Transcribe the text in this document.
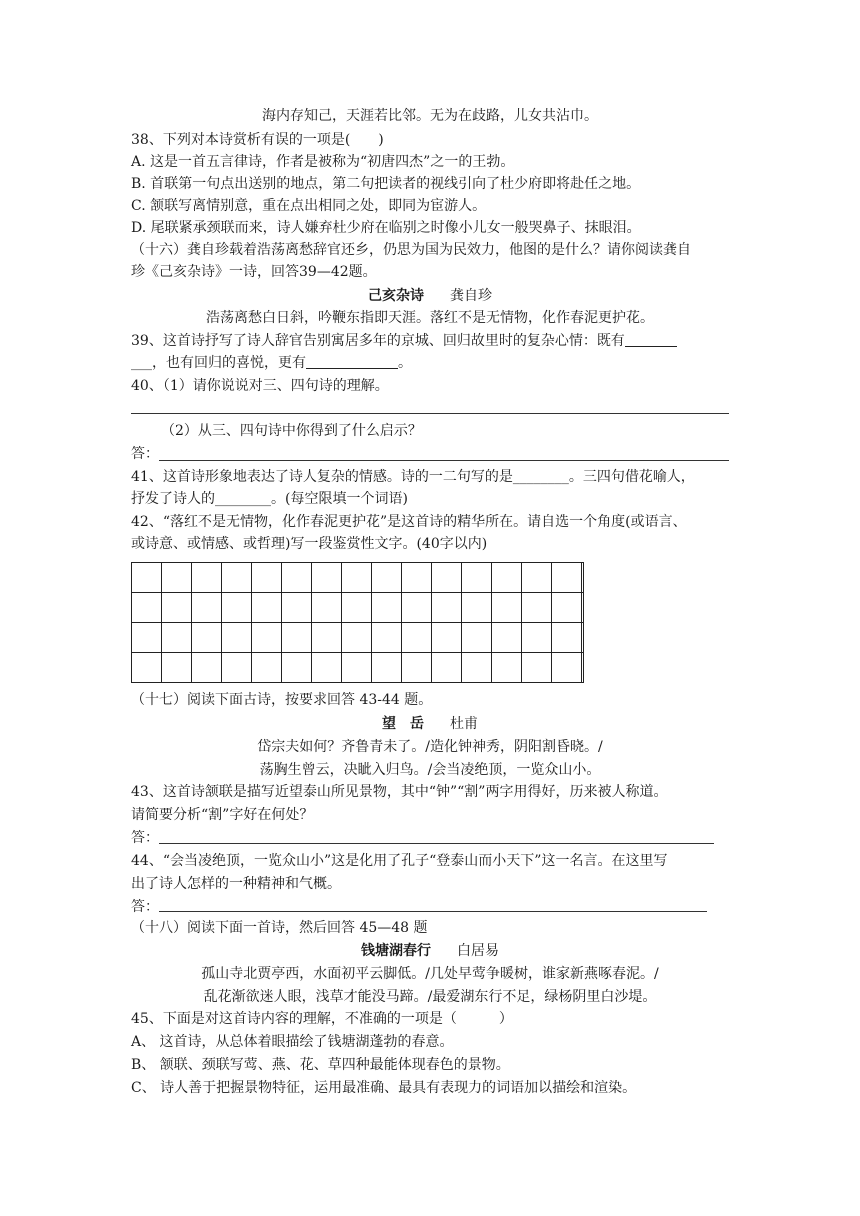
海内存知己，天涯若比邻。无为在歧路，儿女共沾巾。
38、下列对本诗赏析有误的一项是(　　)
A. 这是一首五言律诗，作者是被称为“初唐四杰”之一的王勃。
B. 首联第一句点出送别的地点，第二句把读者的视线引向了杜少府即将赴任之地。
C. 颔联写离情别意，重在点出相同之处，即同为宦游人。
D. 尾联紧承颈联而来，诗人嫌弃杜少府在临别之时像小儿女一般哭鼻子、抹眼泪。
（十六）龚自珍载着浩荡离愁辞官还乡，仍思为国为民效力，他图的是什么？请你阅读龚自
珍《己亥杂诗》一诗，回答39—42题。
己亥杂诗 龚自珍
浩荡离愁白日斜，吟鞭东指即天涯。落红不是无情物，化作春泥更护花。
39、这首诗抒写了诗人辞官告别寓居多年的京城、回归故里时的复杂心情：既有
___，也有回归的喜悦，更有	。
40、（1）请你说说对三、四句诗的理解。
（2）从三、四句诗中你得到了什么启示？
答：
41、这首诗形象地表达了诗人复杂的情感。诗的一二句写的是________。三四句借花喻人，
抒发了诗人的________。(每空限填一个词语)
42、“落红不是无情物，化作春泥更护花”是这首诗的精华所在。请自选一个角度(或语言、
或诗意、或情感、或哲理)写一段鉴赏性文字。(40字以内)
（十七）阅读下面古诗，按要求回答 43-44 题。
望　岳 杜甫
岱宗夫如何？齐鲁青未了。/造化钟神秀，阴阳割昏晓。/
荡胸生曾云，决眦入归鸟。/会当凌绝顶，一览众山小。
43、这首诗颔联是描写近望泰山所见景物，其中“钟”“割”两字用得好，历来被人称道。
请简要分析“割”字好在何处？
答：
44、“会当凌绝顶，一览众山小”这是化用了孔子“登泰山而小天下”这一名言。在这里写
出了诗人怎样的一种精神和气概。
答：
（十八）阅读下面一首诗，然后回答 45—48 题
钱塘湖春行 白居易
孤山寺北贾亭西，水面初平云脚低。/几处早莺争暖树，谁家新燕啄春泥。/
乱花渐欲迷人眼，浅草才能没马蹄。/最爱湖东行不足，绿杨阴里白沙堤。
45、下面是对这首诗内容的理解，不准确的一项是（　　　）
A、 这首诗，从总体着眼描绘了钱塘湖蓬勃的春意。
B、 颔联、颈联写莺、燕、花、草四种最能体现春色的景物。
C、 诗人善于把握景物特征，运用最准确、最具有表现力的词语加以描绘和渲染。
